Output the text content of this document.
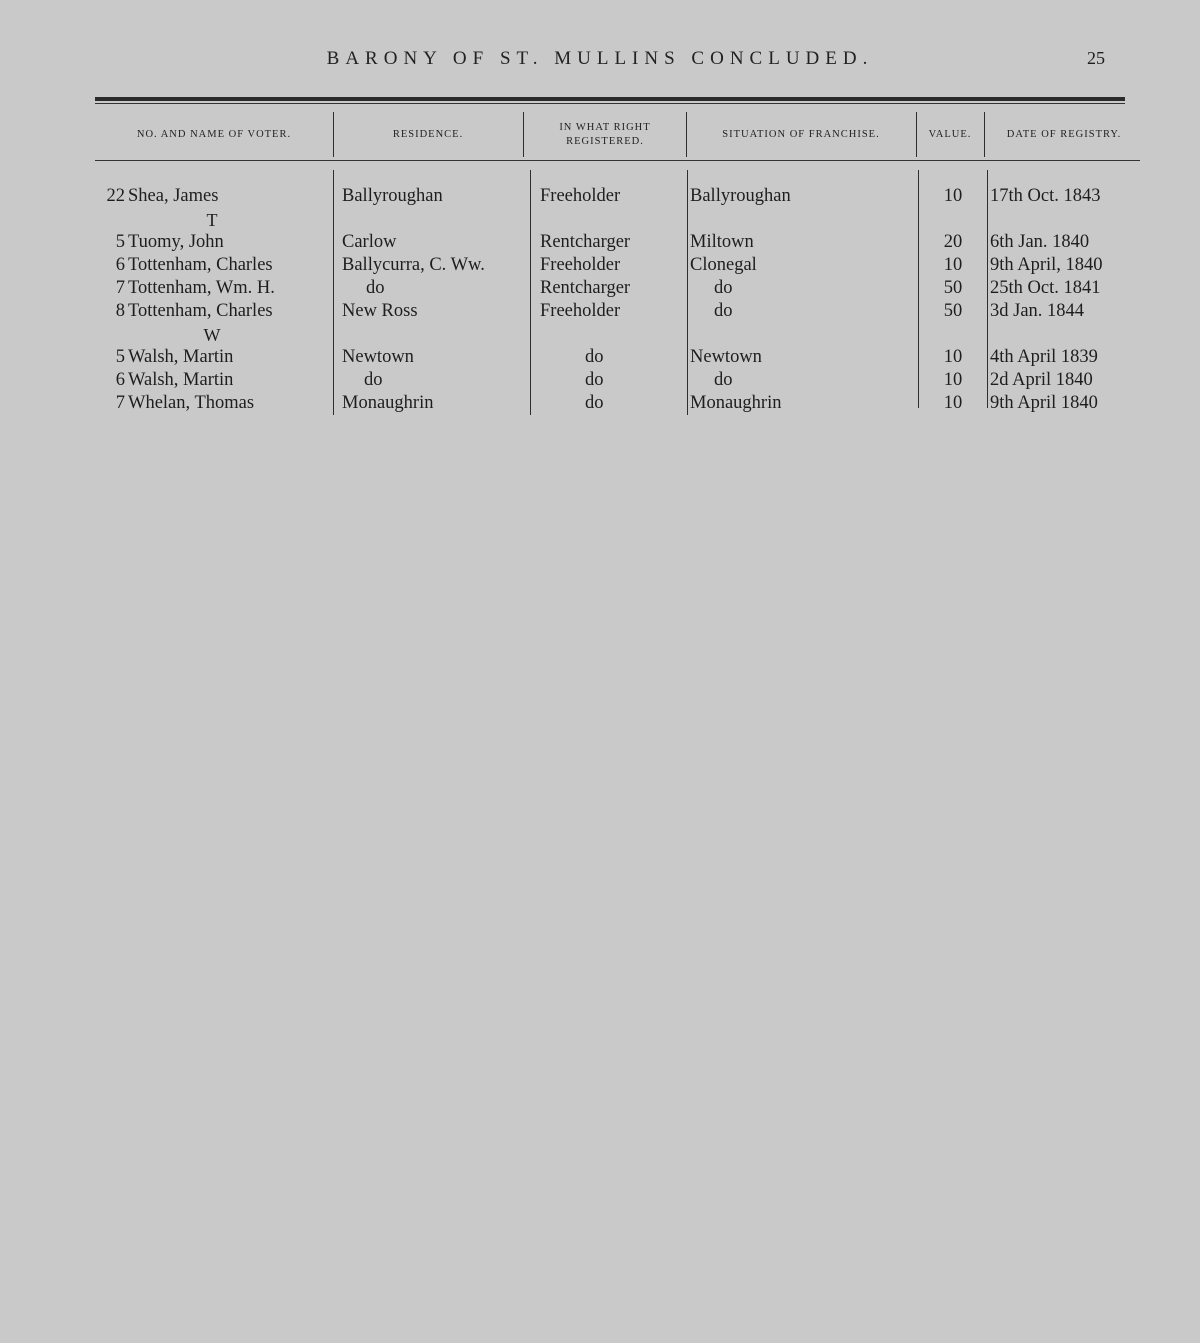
BARONY OF ST. MULLINS CONCLUDED.	25
NO. AND NAME OF VOTER.	RESIDENCE.
IN WHAT RIGHT REGISTERED.
SITUATION OF FRANCHISE.	VALUE.	DATE OF REGISTRY.
22 Shea, James	Ballyroughan	Freeholder	Ballyroughan	10	17th Oct. 1843
T
5 Tuomy, John	Carlow	Rentcharger	Miltown	20	6th Jan. 1840
6 Tottenham, Charles	Ballycurra, C. Ww.	Freeholder	Clonegal	10	9th April, 1840
7 Tottenham, Wm. H.	do	Rentcharger	do	50	25th Oct. 1841
8 Tottenham, Charles	New Ross	Freeholder	do	50	3d Jan. 1844
W
5 Walsh, Martin	Newtown	do	Newtown	10	4th April 1839
6 Walsh, Martin	do	do	do	10	2d April 1840
7 Whelan, Thomas	Monaughrin	do	Monaughrin	10	9th April 1840
